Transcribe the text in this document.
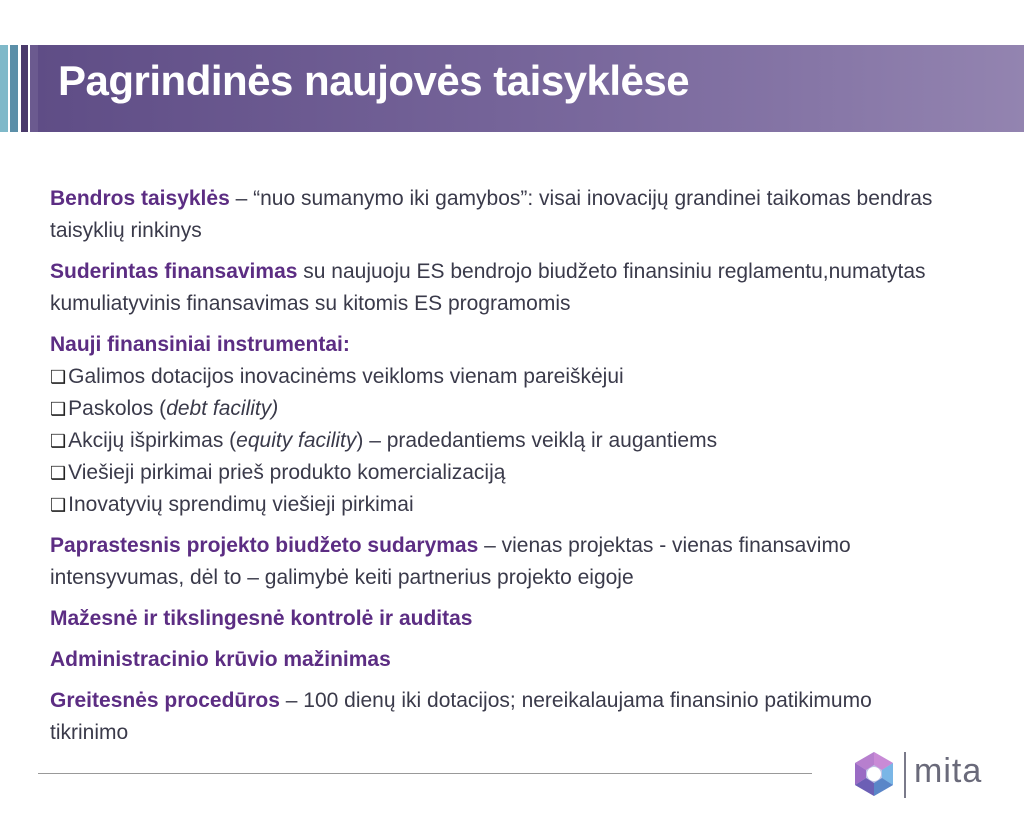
Pagrindinės naujovės taisyklėse

Bendros taisyklės – “nuo sumanymo iki gamybos”: visai inovacijų grandinei taikomas bendras taisyklių rinkinys

Suderintas finansavimas su naujuoju ES bendrojo biudžeto finansiniu reglamentu,numatytas kumuliatyvinis finansavimas su kitomis ES programomis

Nauji finansiniai instrumentai:
❑Galimos dotacijos inovacinėms veikloms vienam pareiškėjui
❑Paskolos (debt facility)
❑Akcijų išpirkimas (equity facility) – pradedantiems veiklą ir augantiems
❑Viešieji pirkimai prieš produkto komercializaciją
❑Inovatyvių sprendimų viešieji pirkimai

Paprastesnis projekto biudžeto sudarymas – vienas projektas - vienas finansavimo intensyvumas, dėl to – galimybė keiti partnerius projekto eigoje

Mažesnė ir tikslingesnė kontrolė ir auditas

Administracinio krūvio mažinimas

Greitesnės procedūros – 100 dienų iki dotacijos; nereikalaujama finansinio patikimumo tikrinimo

mita
